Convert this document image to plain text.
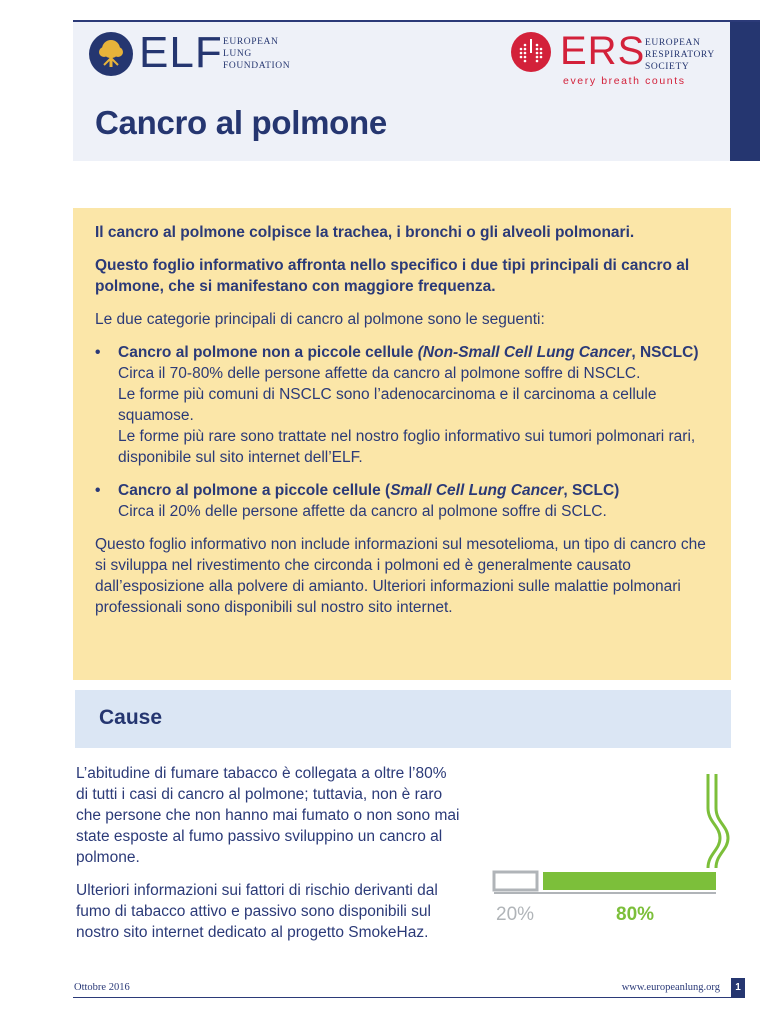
ELF EUROPEAN
LUNG
FOUNDATION	ERS EUROPEAN
RESPIRATORY
SOCIETY
every breath counts
Cancro al polmone

Il cancro al polmone colpisce la trachea, i bronchi o gli alveoli polmonari.

Questo foglio informativo affronta nello specifico i due tipi principali di cancro al polmone, che si manifestano con maggiore frequenza.

Le due categorie principali di cancro al polmone sono le seguenti:

• Cancro al polmone non a piccole cellule (Non-Small Cell Lung Cancer, NSCLC)
Circa il 70-80% delle persone affette da cancro al polmone soffre di NSCLC.
Le forme più comuni di NSCLC sono l’adenocarcinoma e il carcinoma a cellule squamose.
Le forme più rare sono trattate nel nostro foglio informativo sui tumori polmonari rari, disponibile sul sito internet dell’ELF.
• Cancro al polmone a piccole cellule (Small Cell Lung Cancer, SCLC)
Circa il 20% delle persone affette da cancro al polmone soffre di SCLC.

Questo foglio informativo non include informazioni sul mesotelioma, un tipo di cancro che si sviluppa nel rivestimento che circonda i polmoni ed è generalmente causato dall’esposizione alla polvere di amianto. Ulteriori informazioni sulle malattie polmonari professionali sono disponibili sul nostro sito internet.

Cause

L’abitudine di fumare tabacco è collegata a oltre l’80% di tutti i casi di cancro al polmone; tuttavia, non è raro che persone che non hanno mai fumato o non sono mai state esposte al fumo passivo sviluppino un cancro al polmone.

Ulteriori informazioni sui fattori di rischio derivanti dal fumo di tabacco attivo e passivo sono disponibili sul nostro sito internet dedicato al progetto SmokeHaz.

20%	80%
Ottobre 2016	www.europeanlung.org	1
